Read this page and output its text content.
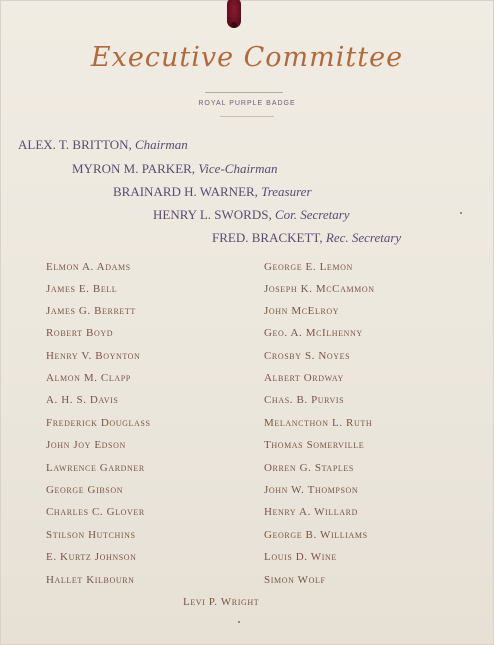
Executive Committee
ROYAL PURPLE BADGE
ALEX. T. BRITTON, Chairman
MYRON M. PARKER, Vice-Chairman
BRAINARD H. WARNER, Treasurer
HENRY L. SWORDS, Cor. Secretary
FRED. BRACKETT, Rec. Secretary
Elmon A. Adams
James E. Bell
James G. Berrett
Robert Boyd
Henry V. Boynton
Almon M. Clapp
A. H. S. Davis
Frederick Douglass
John Joy Edson
Lawrence Gardner
George Gibson
Charles C. Glover
Stilson Hutchins
E. Kurtz Johnson
Hallet Kilbourn
George E. Lemon
Joseph K. McCammon
John McElroy
Geo. A. McIlhenny
Crosby S. Noyes
Albert Ordway
Chas. B. Purvis
Melancthon L. Ruth
Thomas Somerville
Orren G. Staples
John W. Thompson
Henry A. Willard
George B. Williams
Louis D. Wine
Simon Wolf
Levi P. Wright
